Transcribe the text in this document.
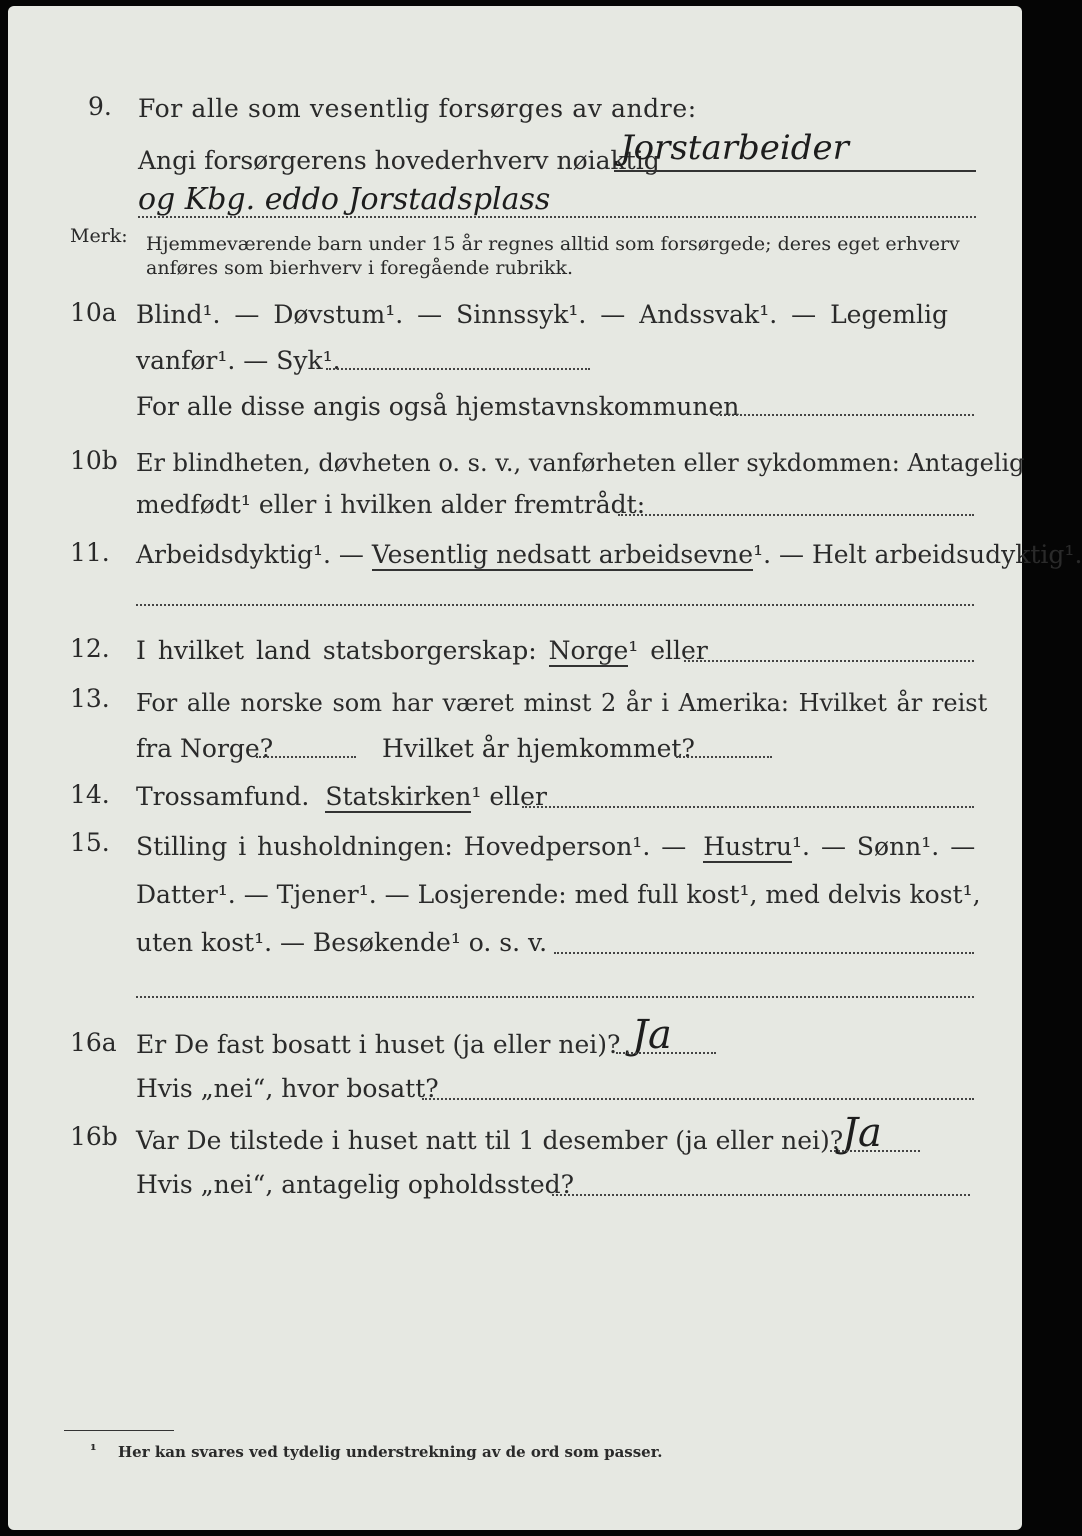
9. For alle som vesentlig forsørges av andre:
Angi forsørgerens hovederhverv nøiaktig
Jorstarbeider
og Kbg. eddo Jorstadsplass
Merk: Hjemmeværende barn under 15 år regnes alltid som forsørgede; deres eget erhverv
anføres som bierhverv i foregående rubrikk.
10a Blind¹. — Døvstum¹. — Sinnssyk¹. — Andssvak¹. — Legemlig
vanfør¹. — Syk¹.
For alle disse angis også hjemstavnskommunen
10b Er blindheten, døvheten o. s. v., vanførheten eller sykdommen: Antagelig
medfødt¹ eller i hvilken alder fremtrådt:
11. Arbeidsdyktig¹. — Vesentlig nedsatt arbeidsevne¹. — Helt arbeidsudyktig¹.
12. I hvilket land statsborgerskap: Norge¹ eller
13. For alle norske som har været minst 2 år i Amerika: Hvilket år reist
fra Norge?	Hvilket år hjemkommet?
14. Trossamfund. Statskirken¹ eller
15. Stilling i husholdningen: Hovedperson¹. — Hustru¹. — Sønn¹. —
Datter¹. — Tjener¹. — Losjerende: med full kost¹, med delvis kost¹,
uten kost¹. — Besøkende¹ o. s. v.
16a Er De fast bosatt i huset (ja eller nei)? Ja
Hvis „nei“, hvor bosatt?
16b Var De tilstede i huset natt til 1 desember (ja eller nei)?
Ja
Hvis „nei“, antagelig opholdssted?
¹ Her kan svares ved tydelig understrekning av de ord som passer.
